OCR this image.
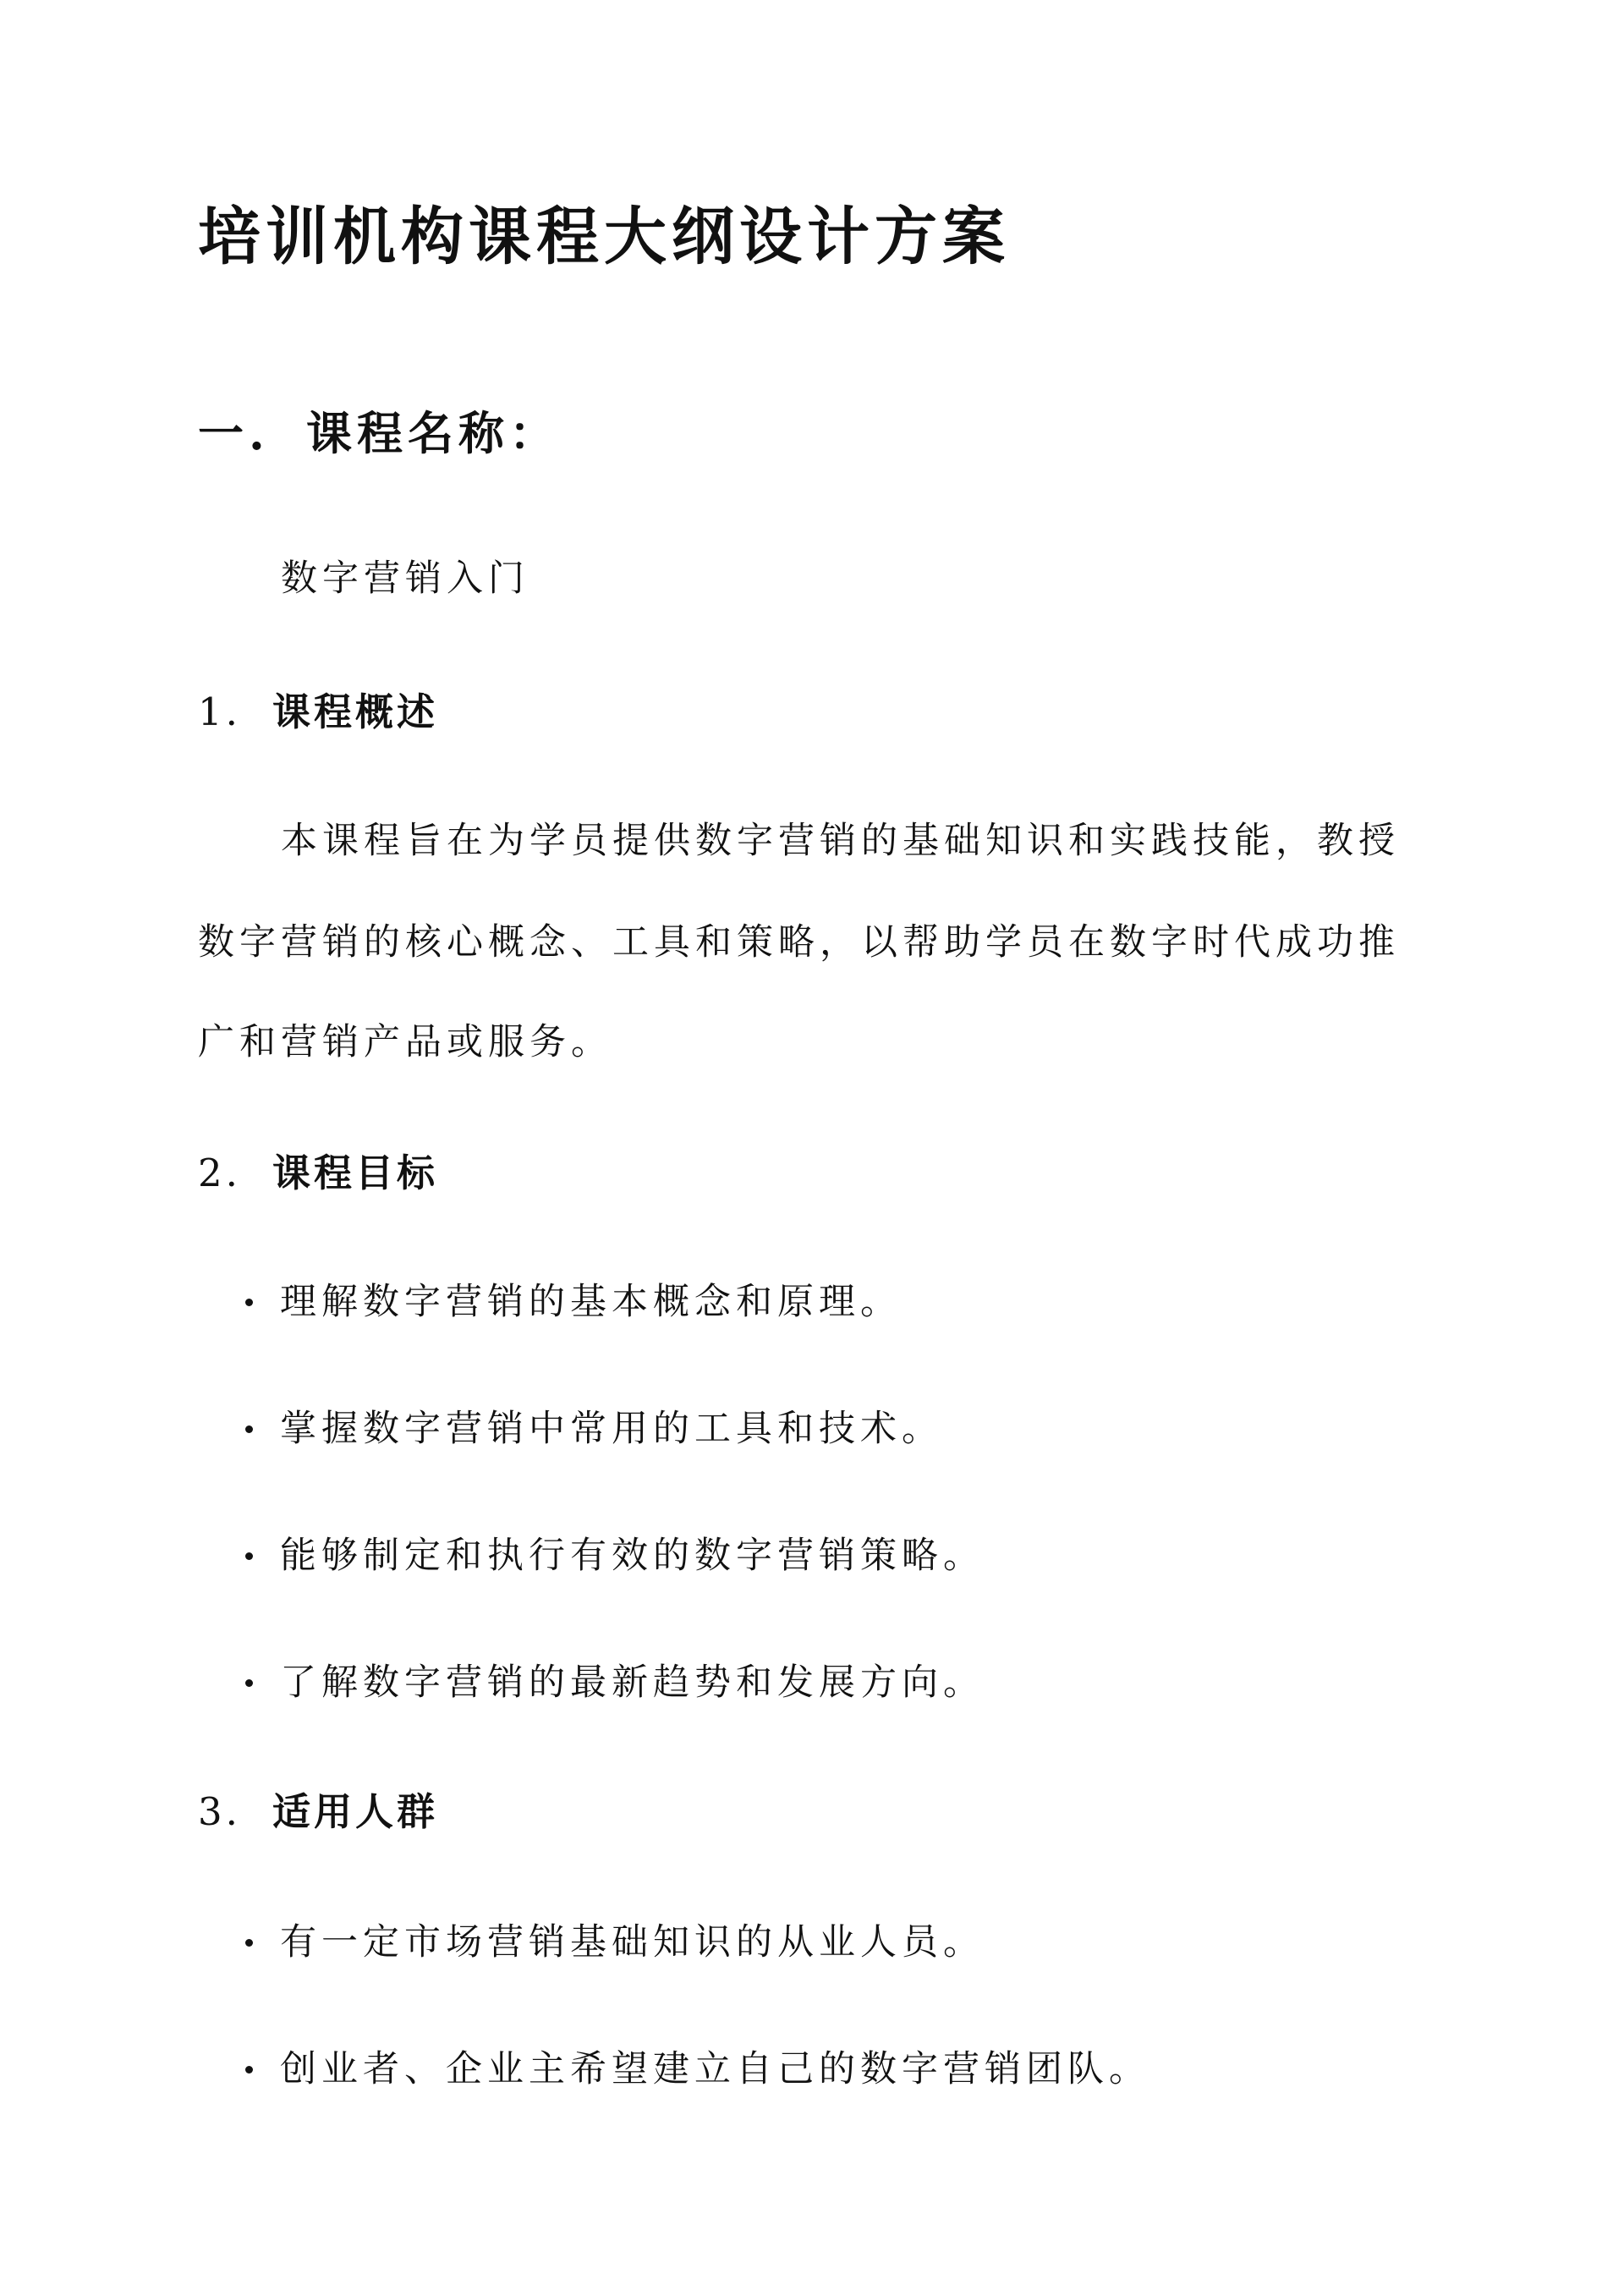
培训机构课程大纲设计方案
一. 课程名称：

数字营销入门

1. 课程概述

本课程旨在为学员提供数字营销的基础知识和实践技能，教授

数字营销的核心概念、工具和策略，以帮助学员在数字时代成功推

广和营销产品或服务。

2. 课程目标
理解数字营销的基本概念和原理。
掌握数字营销中常用的工具和技术。
能够制定和执行有效的数字营销策略。
了解数字营销的最新趋势和发展方向。
3. 适用人群
有一定市场营销基础知识的从业人员。
创业者、企业主希望建立自己的数字营销团队。
